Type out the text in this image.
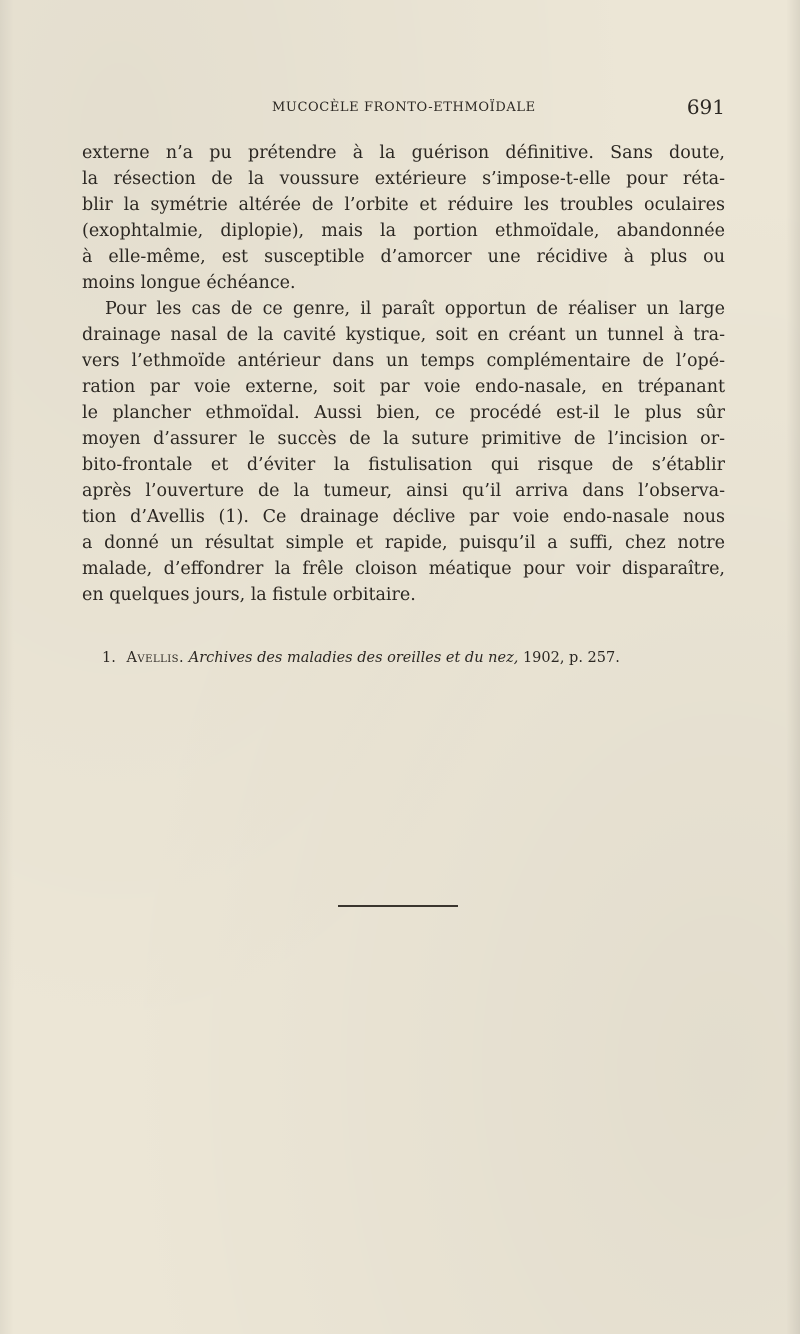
MUCOCÈLE FRONTO-ETHMOÏDALE	691
externe n’a pu prétendre à la guérison définitive. Sans doute,
la résection de la voussure extérieure s’impose-t-elle pour réta-
blir la symétrie altérée de l’orbite et réduire les troubles oculaires
(exophtalmie, diplopie), mais la portion ethmoïdale, abandonnée
à elle-même, est susceptible d’amorcer une récidive à plus ou
moins longue échéance.
Pour les cas de ce genre, il paraît opportun de réaliser un large
drainage nasal de la cavité kystique, soit en créant un tunnel à tra-
vers l’ethmoïde antérieur dans un temps complémentaire de l’opé-
ration par voie externe, soit par voie endo-nasale, en trépanant
le plancher ethmoïdal. Aussi bien, ce procédé est-il le plus sûr
moyen d’assurer le succès de la suture primitive de l’incision or-
bito-frontale et d’éviter la fistulisation qui risque de s’établir
après l’ouverture de la tumeur, ainsi qu’il arriva dans l’observa-
tion d’Avellis (1). Ce drainage déclive par voie endo-nasale nous
a donné un résultat simple et rapide, puisqu’il a suffi, chez notre
malade, d’effondrer la frêle cloison méatique pour voir disparaître,
en quelques jours, la fistule orbitaire.
1. Avellis. Archives des maladies des oreilles et du nez, 1902, p. 257.
